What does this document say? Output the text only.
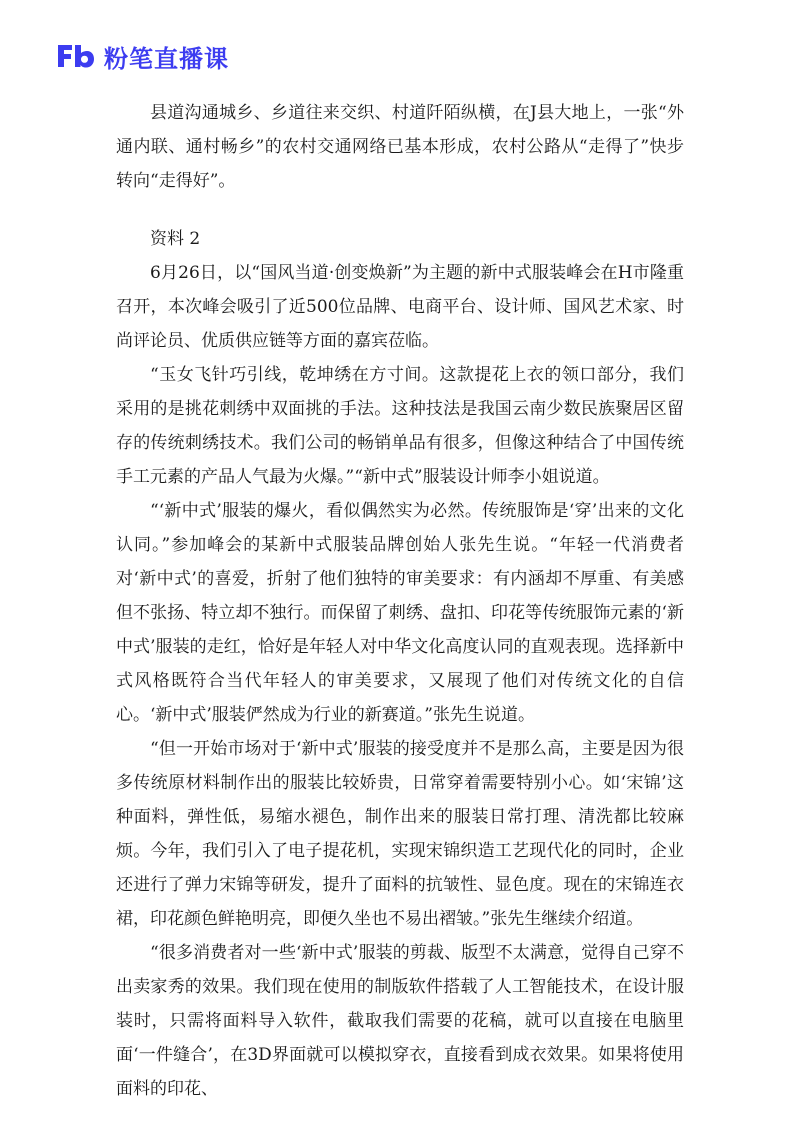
粉笔直播课

县道沟通城乡、乡道往来交织、村道阡陌纵横，在J县大地上，一张“外通内联、通村畅乡”的农村交通网络已基本形成，农村公路从“走得了”快步转向“走得好”。

资料 2

6月26日，以“国风当道·创变焕新”为主题的新中式服装峰会在H市隆重召开，本次峰会吸引了近500位品牌、电商平台、设计师、国风艺术家、时尚评论员、优质供应链等方面的嘉宾莅临。

“玉女飞针巧引线，乾坤绣在方寸间。这款提花上衣的领口部分，我们采用的是挑花刺绣中双面挑的手法。这种技法是我国云南少数民族聚居区留存的传统刺绣技术。我们公司的畅销单品有很多，但像这种结合了中国传统手工元素的产品人气最为火爆。”“新中式”服装设计师李小姐说道。

“‘新中式’服装的爆火，看似偶然实为必然。传统服饰是‘穿’出来的文化认同。”参加峰会的某新中式服装品牌创始人张先生说。“年轻一代消费者对‘新中式’的喜爱，折射了他们独特的审美要求：有内涵却不厚重、有美感但不张扬、特立却不独行。而保留了刺绣、盘扣、印花等传统服饰元素的‘新中式’服装的走红，恰好是年轻人对中华文化高度认同的直观表现。选择新中式风格既符合当代年轻人的审美要求，又展现了他们对传统文化的自信心。‘新中式’服装俨然成为行业的新赛道。”张先生说道。

“但一开始市场对于‘新中式’服装的接受度并不是那么高，主要是因为很多传统原材料制作出的服装比较娇贵，日常穿着需要特别小心。如‘宋锦’这种面料，弹性低，易缩水褪色，制作出来的服装日常打理、清洗都比较麻烦。今年，我们引入了电子提花机，实现宋锦织造工艺现代化的同时，企业还进行了弹力宋锦等研发，提升了面料的抗皱性、显色度。现在的宋锦连衣裙，印花颜色鲜艳明亮，即便久坐也不易出褶皱。”张先生继续介绍道。

“很多消费者对一些‘新中式’服装的剪裁、版型不太满意，觉得自己穿不出卖家秀的效果。我们现在使用的制版软件搭载了人工智能技术，在设计服装时，只需将面料导入软件，截取我们需要的花稿，就可以直接在电脑里面‘一件缝合’，在3D界面就可以模拟穿衣，直接看到成衣效果。如果将使用面料的印花、
